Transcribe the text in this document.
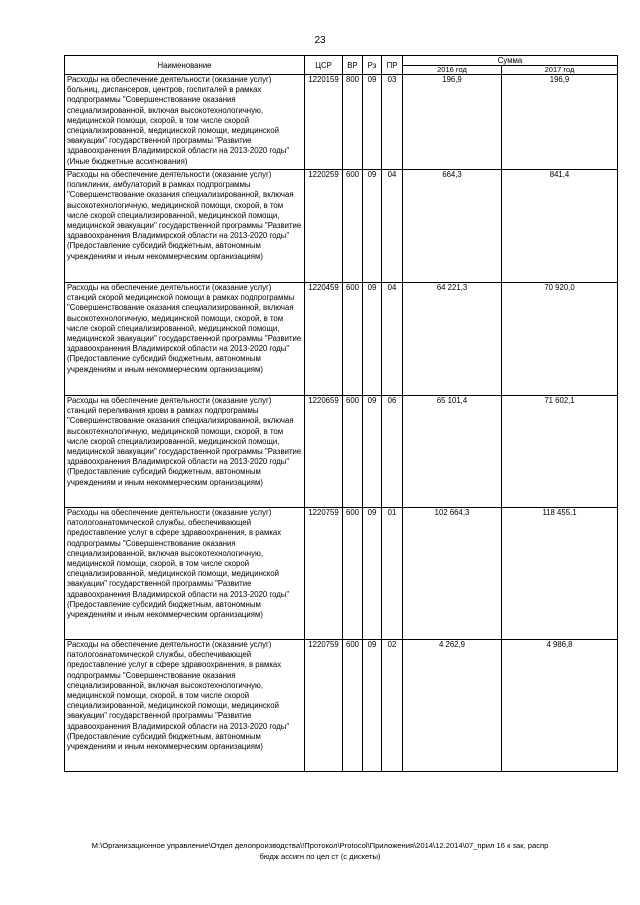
23
Наименование	ЦСР	ВР	Рз	ПР	Сумма	
					2016 год	2017 год
Расходы на обеспечение деятельности (оказание услуг) больниц, диспансеров, центров, госпиталей в рамках подпрограммы "Совершенствование оказания специализированной, включая высокотехнологичную, медицинской помощи, скорой, в том числе скорой специализированной, медицинской помощи, медицинской эвакуации" государственной программы "Развитие здравоохранения Владимирской области на 2013-2020 годы" (Иные бюджетные ассигнования)	1220159	800	09	03	196,9	196,9
Расходы на обеспечение деятельности (оказание услуг) поликлиник, амбулаторий в рамках подпрограммы "Совершенствование оказания специализированной, включая высокотехнологичную, медицинской помощи, скорой, в том числе скорой специализированной, медицинской помощи, медицинской эвакуации" государственной программы "Развитие здравоохранения Владимирской области на 2013-2020 годы" (Предоставление субсидий бюджетным, автономным учреждениям и иным некоммерческим организациям)	1220259	600	09	04	664,3	841,4
Расходы на обеспечение деятельности (оказание услуг) станций скорой медицинской помощи в рамках подпрограммы "Совершенствование оказания специализированной, включая высокотехнологичную, медицинской помощи, скорой, в том числе скорой специализированной, медицинской помощи, медицинской эвакуации" государственной программы "Развитие здравоохранения Владимирской области на 2013-2020 годы" (Предоставление субсидий бюджетным, автономным учреждениям и иным некоммерческим организациям)	1220459	600	09	04	64 221,3	70 920,0
Расходы на обеспечение деятельности (оказание услуг) станций переливания крови в рамках подпрограммы "Совершенствование оказания специализированной, включая высокотехнологичную, медицинской помощи, скорой, в том числе скорой специализированной, медицинской помощи, медицинской эвакуации" государственной программы "Развитие здравоохранения Владимирской области на 2013-2020 годы" (Предоставление субсидий бюджетным, автономным учреждениям и иным некоммерческим организациям)	1220659	600	09	06	65 101,4	71 602,1
Расходы на обеспечение деятельности (оказание услуг) патологоанатомической службы, обеспечивающей предоставление услуг в сфере здравоохранения, в рамках подпрограммы "Совершенствование оказания специализированной, включая высокотехнологичную, медицинской помощи, скорой, в том числе скорой специализированной, медицинской помощи, медицинской эвакуации" государственной программы "Развитие здравоохранения Владимирской области на 2013-2020 годы" (Предоставление субсидий бюджетным, автономным учреждениям и иным некоммерческим организациям)	1220759	600	09	01	102 664,3	118 455,1
Расходы на обеспечение деятельности (оказание услуг) патологоанатомической службы, обеспечивающей предоставление услуг в сфере здравоохранения, в рамках подпрограммы "Совершенствование оказания специализированной, включая высокотехнологичную, медицинской помощи, скорой, в том числе скорой специализированной, медицинской помощи, медицинской эвакуации" государственной программы "Развитие здравоохранения Владимирской области на 2013-2020 годы" (Предоставление субсидий бюджетным, автономным учреждениям и иным некоммерческим организациям)	1220759	600	09	02	4 262,9	4 986,8
M:\Организационное управление\Отдел делопроизводства\!Протокол\Protocol\Приложения\2014\12.2014\07_прил 16 к зак, распр
бюдж ассигн по цел ст (с дискеты)
